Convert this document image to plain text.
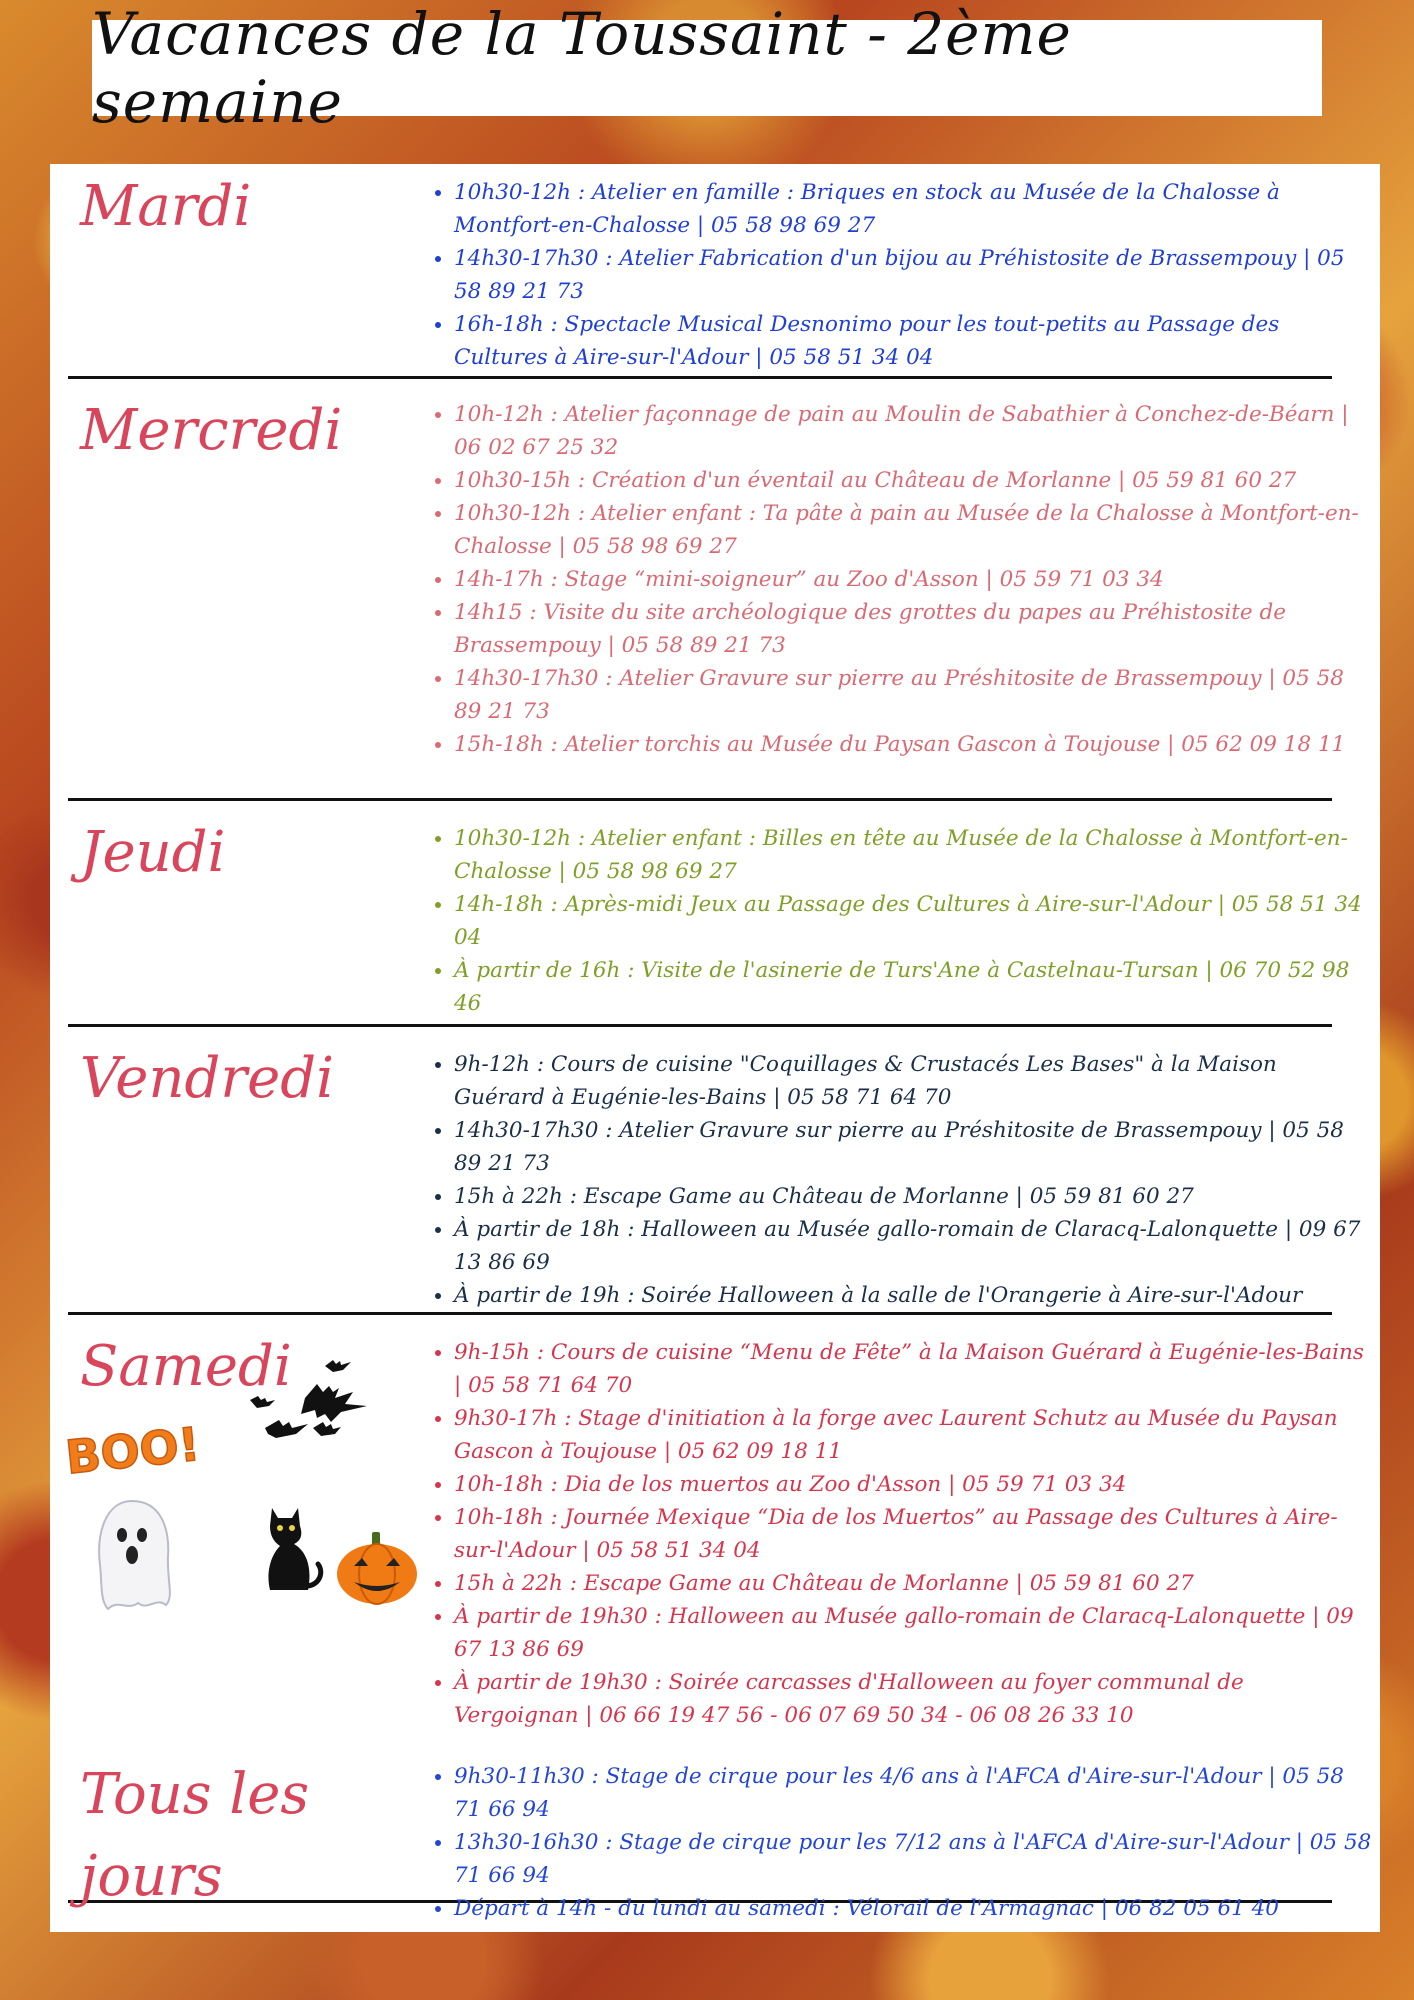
Vacances de la Toussaint - 2ème semaine
Mardi	• 10h30-12h : Atelier en famille : Briques en stock au Musée de la Chalosse à Montfort-en-Chalosse | 05 58 98 69 27
• 14h30-17h30 : Atelier Fabrication d'un bijou au Préhistosite de Brassempouy | 05 58 89 21 73
• 16h-18h : Spectacle Musical Desnonimo pour les tout-petits au Passage des Cultures à Aire-sur-l'Adour | 05 58 51 34 04
Mercredi	• 10h-12h : Atelier façonnage de pain au Moulin de Sabathier à Conchez-de-Béarn | 06 02 67 25 32
• 10h30-15h : Création d'un éventail au Château de Morlanne | 05 59 81 60 27
• 10h30-12h : Atelier enfant : Ta pâte à pain au Musée de la Chalosse à Montfort-en-Chalosse | 05 58 98 69 27
• 14h-17h : Stage “mini-soigneur” au Zoo d'Asson | 05 59 71 03 34
• 14h15 : Visite du site archéologique des grottes du papes au Préhistosite de Brassempouy | 05 58 89 21 73
• 14h30-17h30 : Atelier Gravure sur pierre au Préshitosite de Brassempouy | 05 58 89 21 73
• 15h-18h : Atelier torchis au Musée du Paysan Gascon à Toujouse | 05 62 09 18 11
Jeudi	• 10h30-12h : Atelier enfant : Billes en tête au Musée de la Chalosse à Montfort-en-Chalosse | 05 58 98 69 27
• 14h-18h : Après-midi Jeux au Passage des Cultures à Aire-sur-l'Adour | 05 58 51 34 04
• À partir de 16h : Visite de l'asinerie de Turs'Ane à Castelnau-Tursan | 06 70 52 98 46
Vendredi	• 9h-12h : Cours de cuisine "Coquillages & Crustacés Les Bases" à la Maison Guérard à Eugénie-les-Bains | 05 58 71 64 70
• 14h30-17h30 : Atelier Gravure sur pierre au Préshitosite de Brassempouy | 05 58 89 21 73
• 15h à 22h : Escape Game au Château de Morlanne | 05 59 81 60 27
• À partir de 18h : Halloween au Musée gallo-romain de Claracq-Lalonquette | 09 67 13 86 69
• À partir de 19h : Soirée Halloween à la salle de l'Orangerie à Aire-sur-l'Adour
Samedi	• 9h-15h : Cours de cuisine “Menu de Fête” à la Maison Guérard à Eugénie-les-Bains | 05 58 71 64 70
• 9h30-17h : Stage d'initiation à la forge avec Laurent Schutz au Musée du Paysan Gascon à Toujouse | 05 62 09 18 11
• 10h-18h : Dia de los muertos au Zoo d'Asson | 05 59 71 03 34
• 10h-18h : Journée Mexique “Dia de los Muertos” au Passage des Cultures à Aire-sur-l'Adour | 05 58 51 34 04
• 15h à 22h : Escape Game au Château de Morlanne | 05 59 81 60 27
• À partir de 19h30 : Halloween au Musée gallo-romain de Claracq-Lalonquette | 09 67 13 86 69
• À partir de 19h30 : Soirée carcasses d'Halloween au foyer communal de Vergoignan | 06 66 19 47 56 - 06 07 69 50 34 - 06 08 26 33 10
BOO!
Tous les jours
• 9h30-11h30 : Stage de cirque pour les 4/6 ans à l'AFCA d'Aire-sur-l'Adour | 05 58 71 66 94
• 13h30-16h30 : Stage de cirque pour les 7/12 ans à l'AFCA d'Aire-sur-l'Adour | 05 58 71 66 94
• Départ à 14h - du lundi au samedi : Vélorail de l'Armagnac | 06 82 05 61 40
